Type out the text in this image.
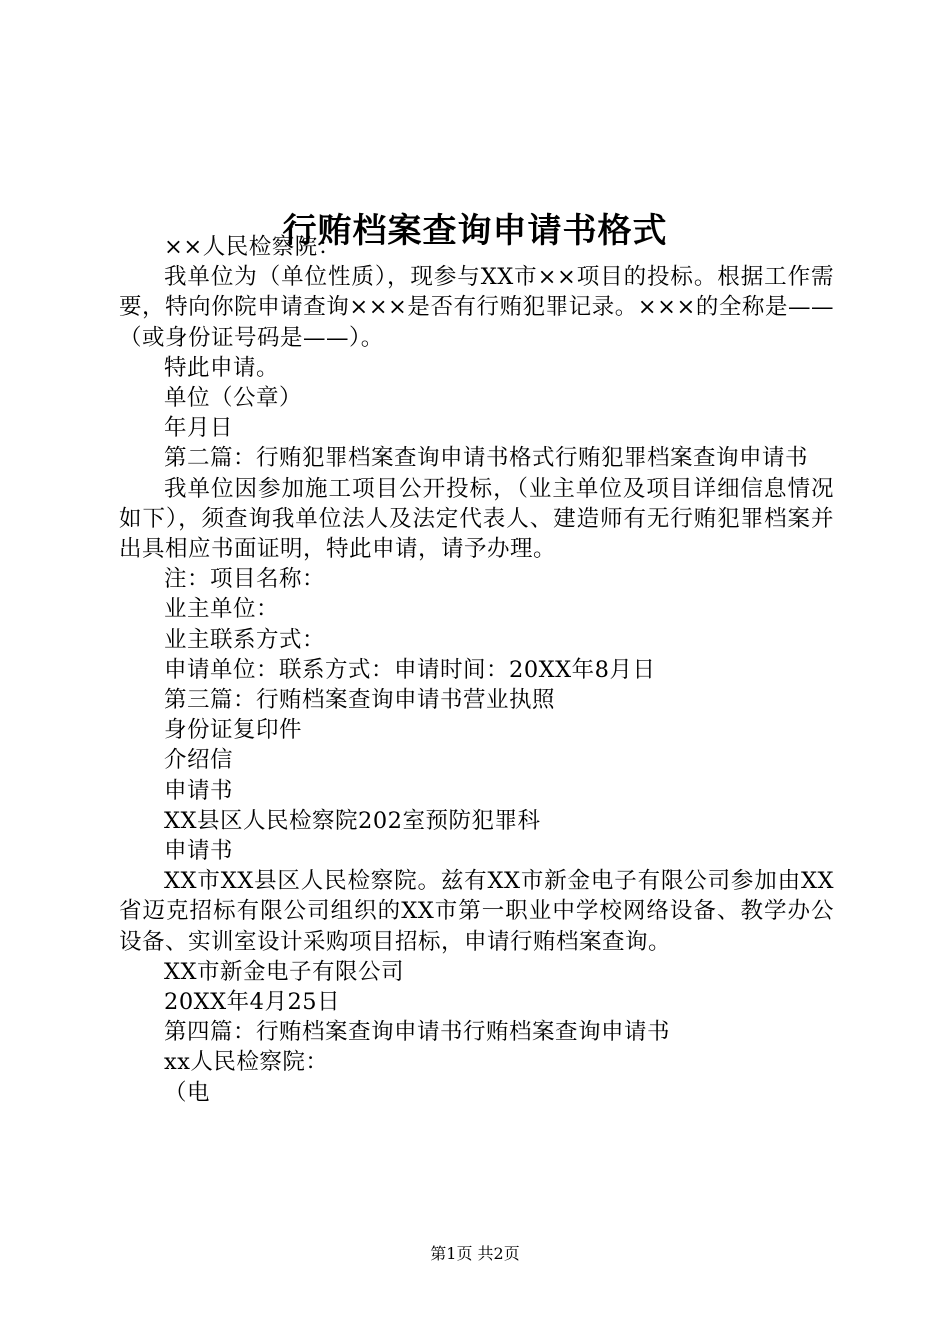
行贿档案查询申请书格式

××人民检察院：

我单位为（单位性质），现参与XX市××项目的投标。根据工作需要，特向你院申请查询×××是否有行贿犯罪记录。×××的全称是——（或身份证号码是——）。

特此申请。

单位（公章）

年月日

第二篇：行贿犯罪档案查询申请书格式行贿犯罪档案查询申请书

我单位因参加施工项目公开投标，（业主单位及项目详细信息情况如下），须查询我单位法人及法定代表人、建造师有无行贿犯罪档案并出具相应书面证明，特此申请，请予办理。

注：项目名称：

业主单位：

业主联系方式：

申请单位：联系方式：申请时间：20XX年8月日

第三篇：行贿档案查询申请书营业执照

身份证复印件

介绍信

申请书

XX县区人民检察院202室预防犯罪科

申请书

XX市XX县区人民检察院。兹有XX市新金电子有限公司参加由XX省迈克招标有限公司组织的XX市第一职业中学校网络设备、教学办公设备、实训室设计采购项目招标，申请行贿档案查询。

XX市新金电子有限公司

20XX年4月25日

第四篇：行贿档案查询申请书行贿档案查询申请书

xx人民检察院：

（电

第1页 共2页
